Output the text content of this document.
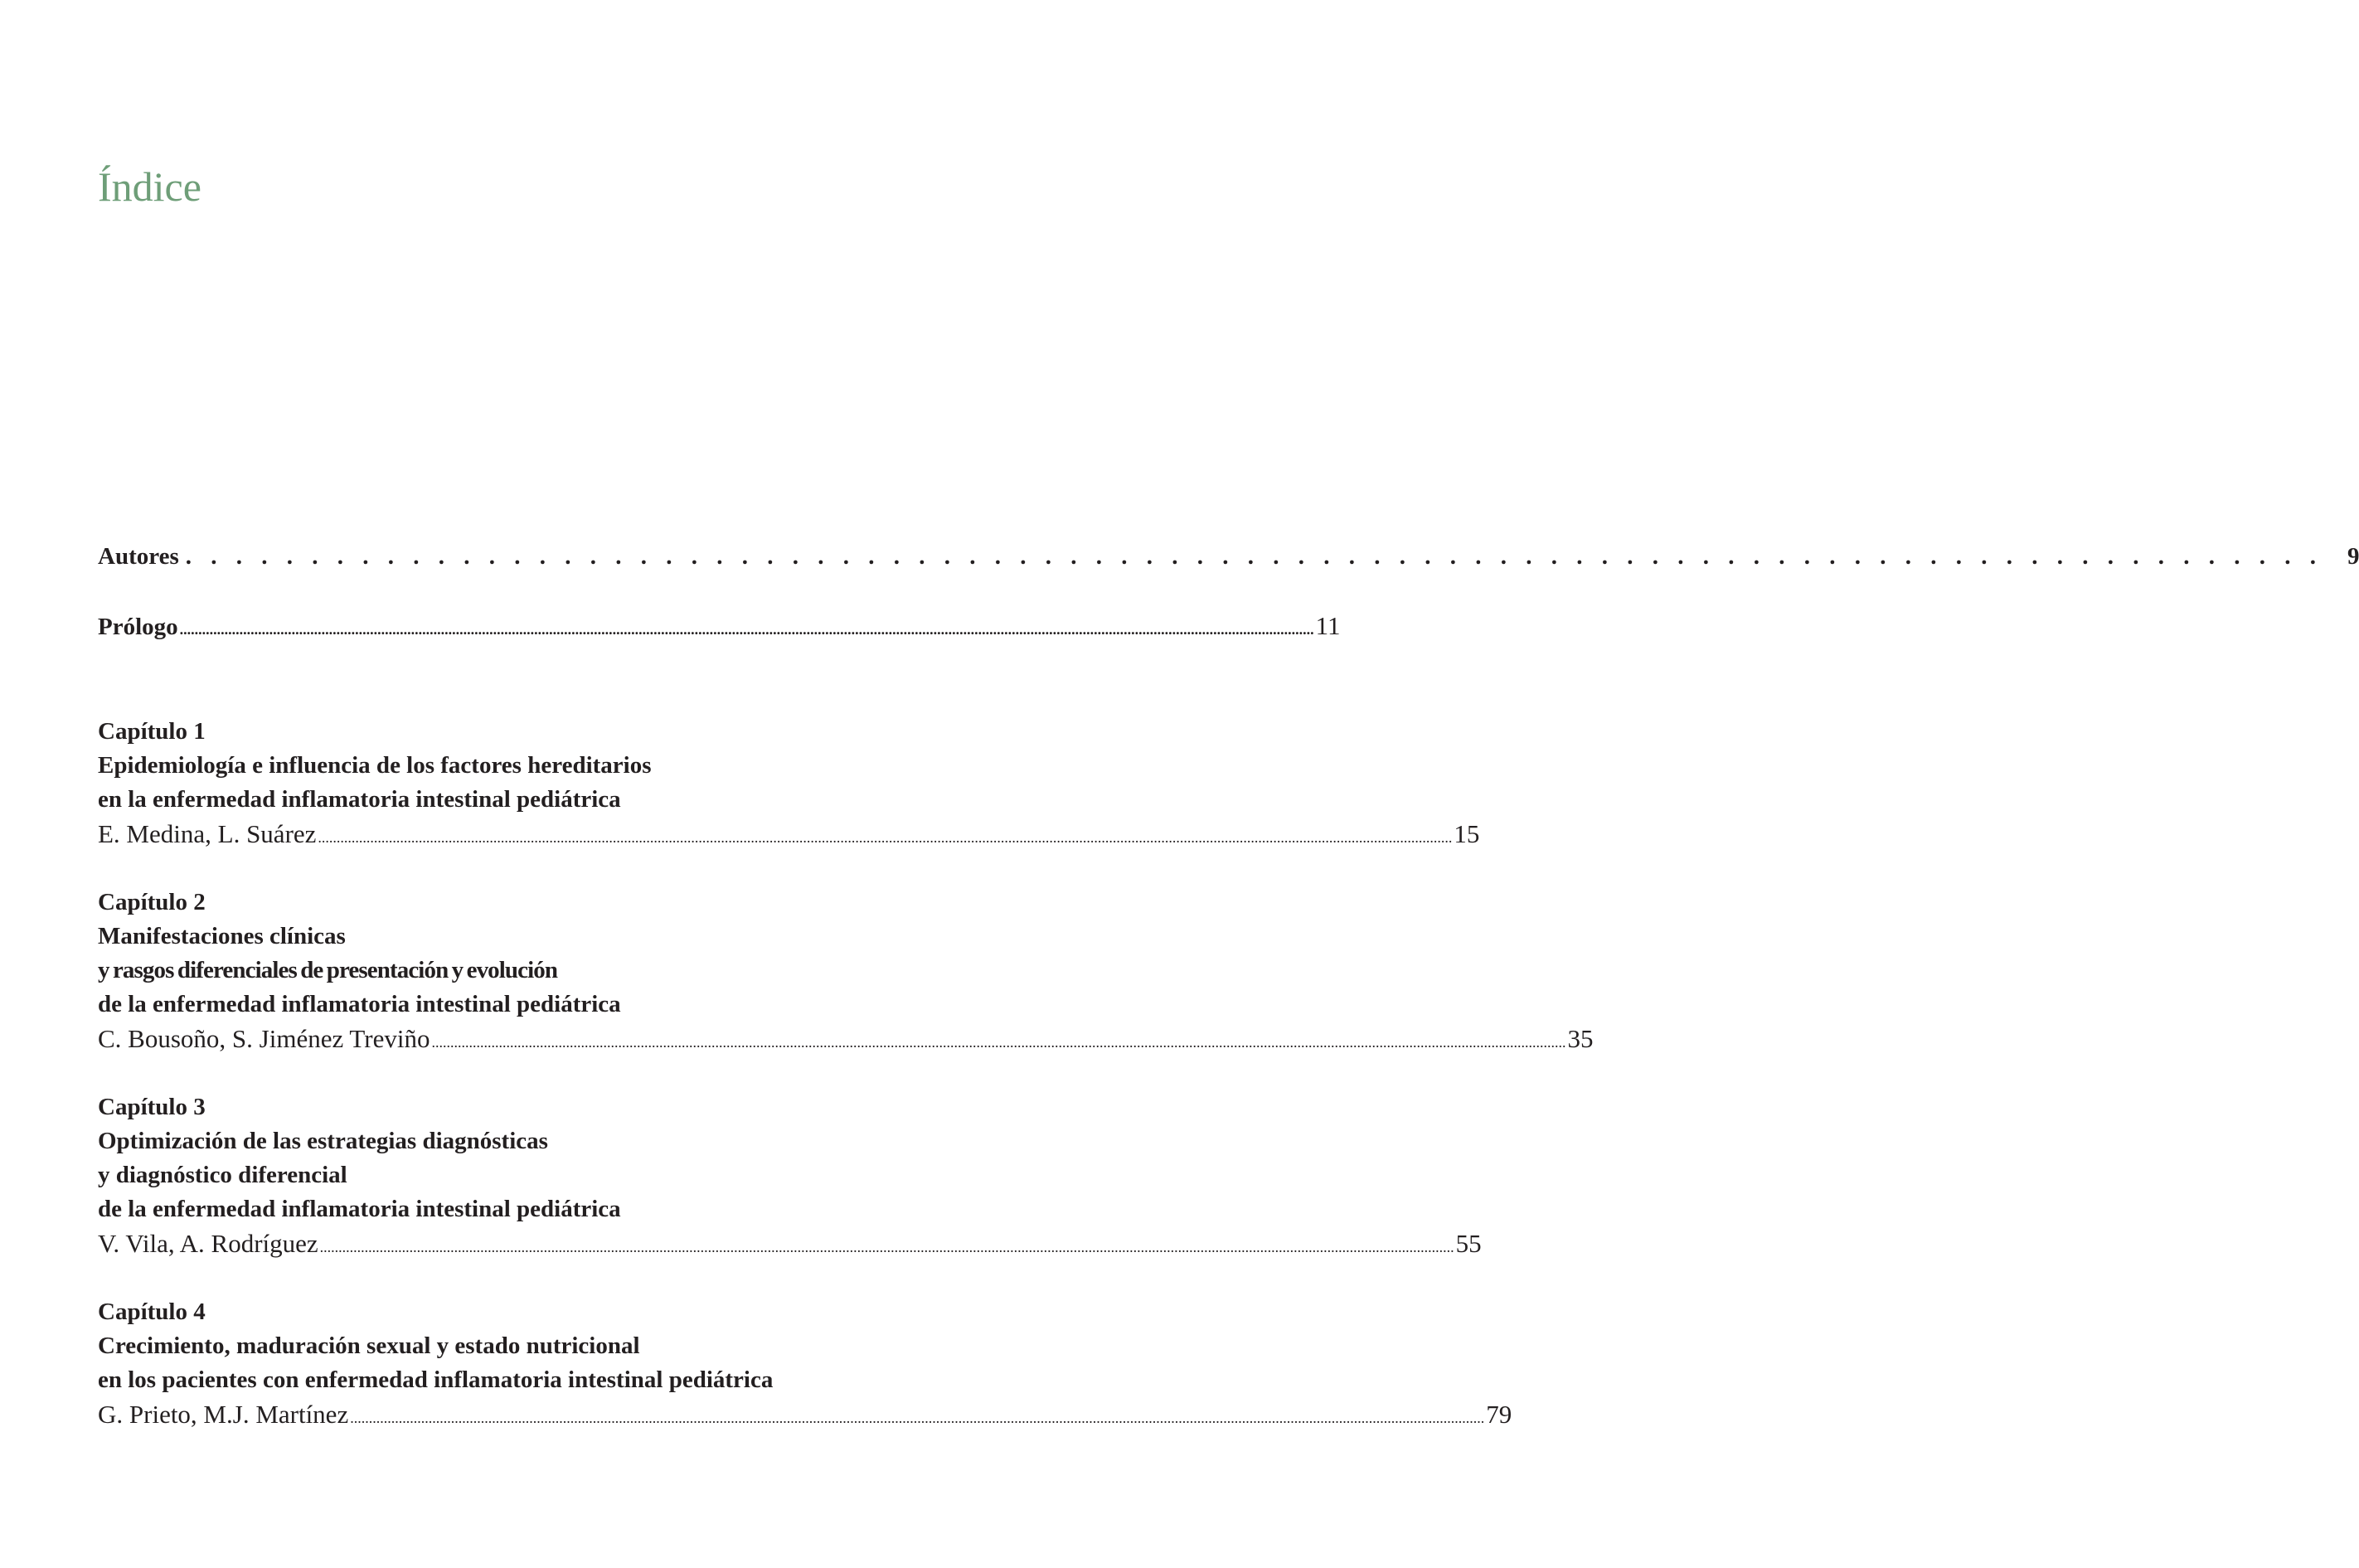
Índice
Autores . . . . . . . . . . . . . . . . . . . . . . . . . . . . . . . . . . . . . . . . . . . . . . . . . . . . . . . . . . . . . . . . . . . . . . . . . . . . . . . . . . . . . 9
Prólogo ................................................................................................................................................................................................................................................................................................................ 11
Capítulo 1
Epidemiología e influencia de los factores hereditarios
en la enfermedad inflamatoria intestinal pediátrica
E. Medina, L. Suárez ................................................................................................................................................................................................................................................................................................................ 15
Capítulo 2
Manifestaciones clínicas
y rasgos diferenciales de presentación y evolución
de la enfermedad inflamatoria intestinal pediátrica
C. Bousoño, S. Jiménez Treviño ................................................................................................................................................................................................................................................................................................................ 35
Capítulo 3
Optimización de las estrategias diagnósticas
y diagnóstico diferencial
de la enfermedad inflamatoria intestinal pediátrica
V. Vila, A. Rodríguez ................................................................................................................................................................................................................................................................................................................ 55
Capítulo 4
Crecimiento, maduración sexual y estado nutricional
en los pacientes con enfermedad inflamatoria intestinal pediátrica
G. Prieto, M.J. Martínez ................................................................................................................................................................................................................................................................................................................ 79
